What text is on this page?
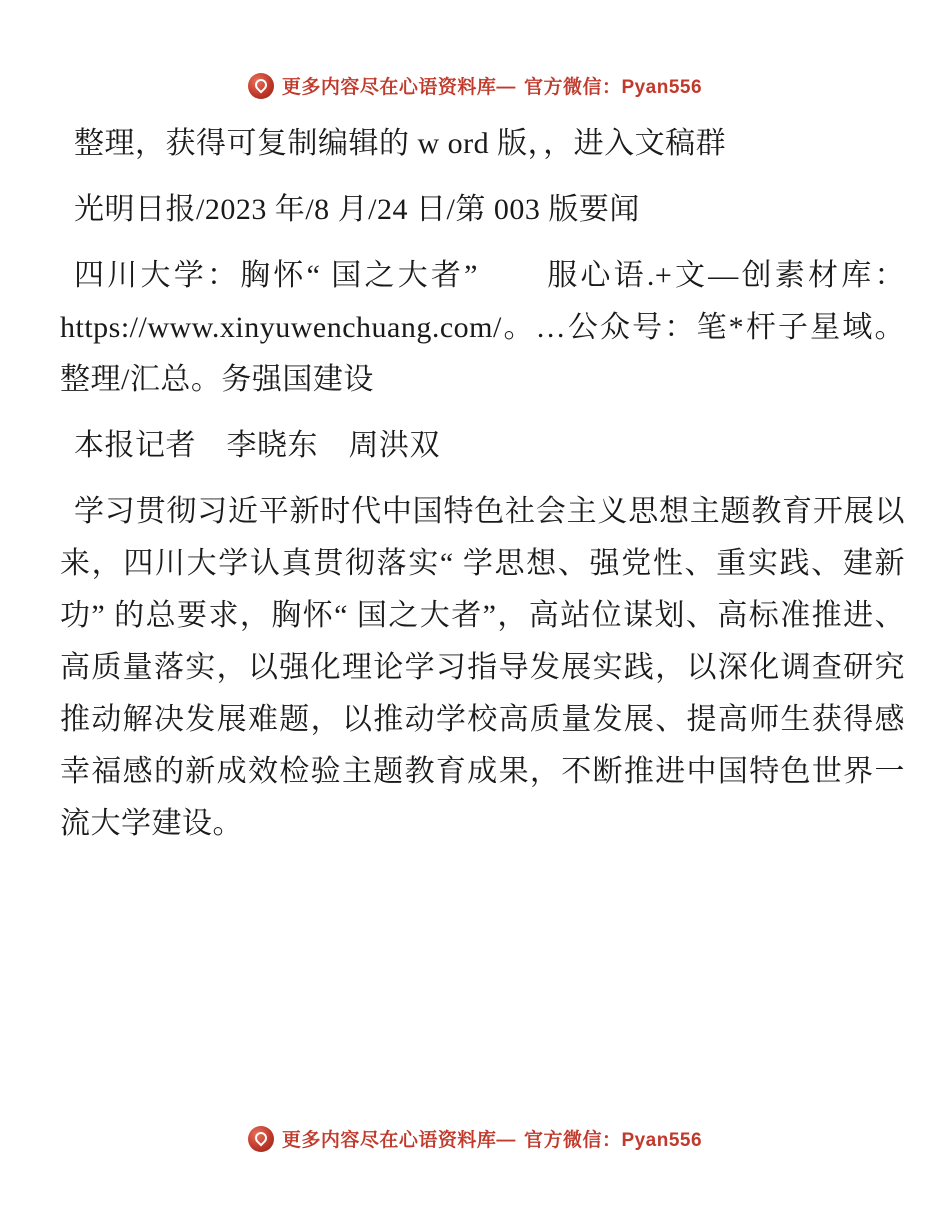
更多内容尽在心语资料库— 官方微信：Pyan556

整理，获得可复制编辑的 w ord 版，，进入文稿群

光明日报/2023 年/8 月/24 日/第 003 版要闻

四川大学：胸怀“ 国之大者”　　服心语.+文—创素材库：https://www.xinyuwenchuang.com/。…公众号：笔*杆子星域。整理/汇总。务强国建设

本报记者　李晓东　周洪双

学习贯彻习近平新时代中国特色社会主义思想主题教育开展以来，四川大学认真贯彻落实“ 学思想、强党性、重实践、建新功” 的总要求，胸怀“ 国之大者”，高站位谋划、高标准推进、高质量落实，以强化理论学习指导发展实践，以深化调查研究推动解决发展难题，以推动学校高质量发展、提高师生获得感幸福感的新成效检验主题教育成果，不断推进中国特色世界一流大学建设。

更多内容尽在心语资料库— 官方微信：Pyan556
